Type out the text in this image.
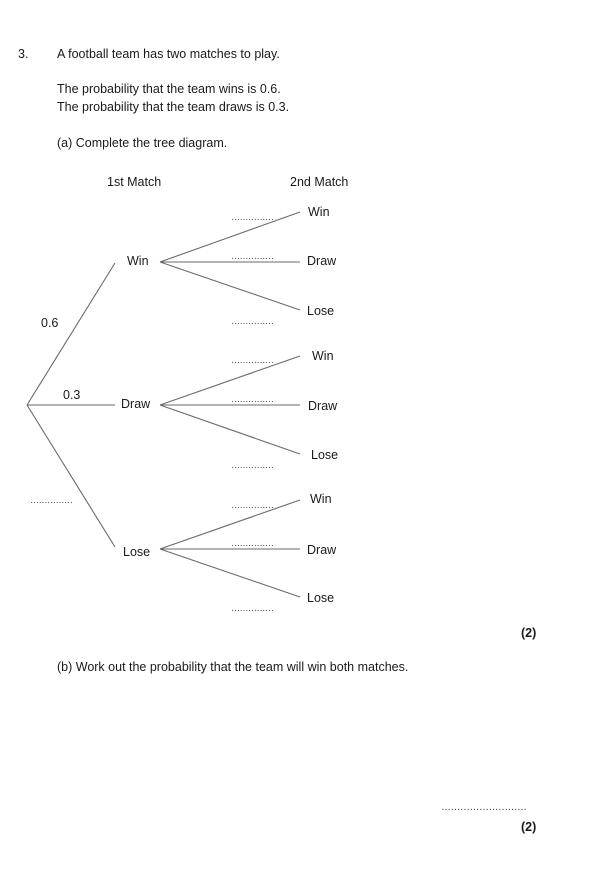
3. A football team has two matches to play.
The probability that the team wins is 0.6.
The probability that the team draws is 0.3.
(a) Complete the tree diagram.
1st Match	2nd Match
Win
Draw
Lose
0.6
0.3
Win
Draw
Lose
Win
Draw
Lose
Win
Draw
Lose
……………
……………
……………
……………
……………
……………
……………
……………
……………
……………
(2)
(b) Work out the probability that the team will win both matches.
………………………
(2)
